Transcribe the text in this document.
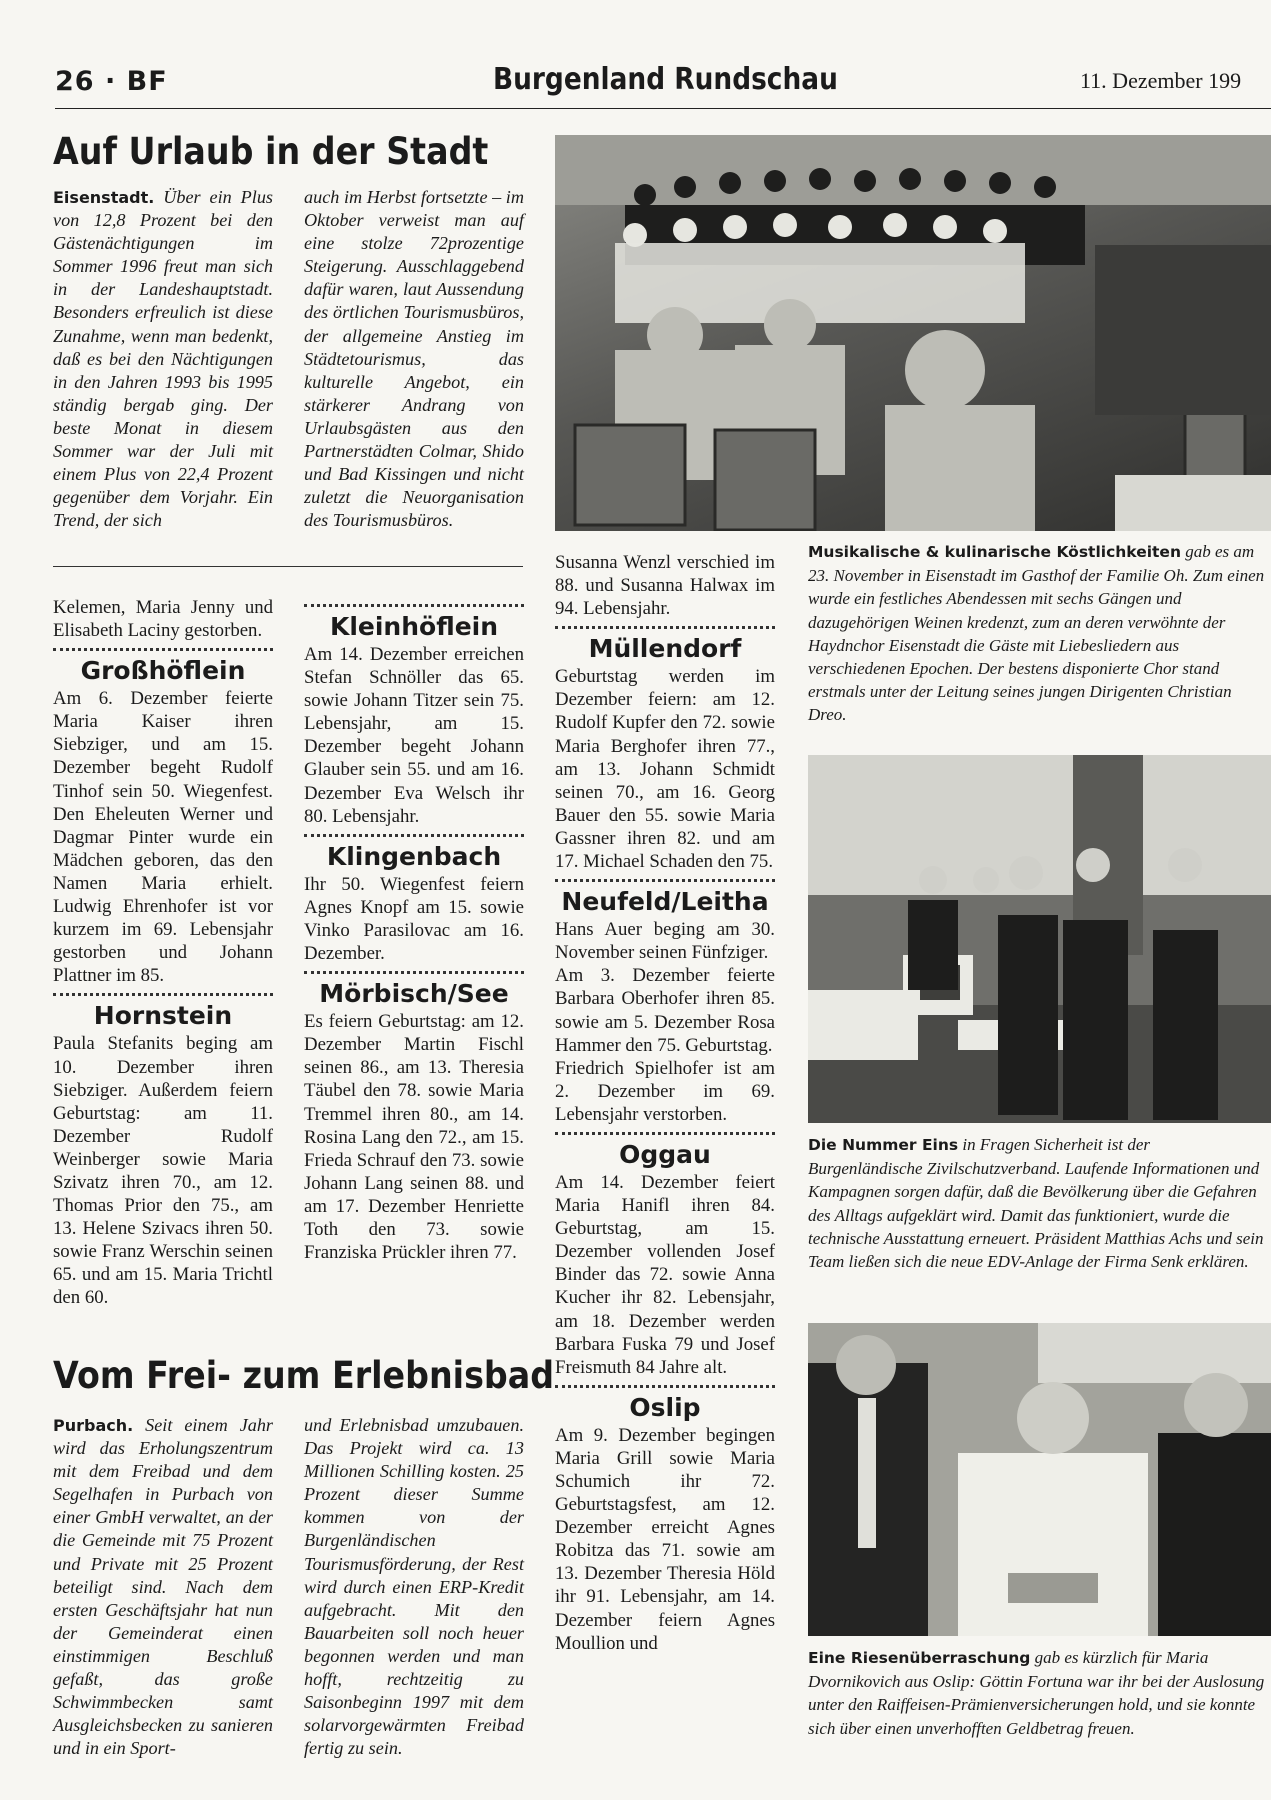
26 · BF	Burgenland Rundschau	11. Dezember 199
Auf Urlaub in der Stadt
Eisenstadt. Über ein Plus von 12,8 Prozent bei den Gästenächtigungen im Sommer 1996 freut man sich in der Landeshauptstadt. Besonders erfreulich ist diese Zunahme, wenn man bedenkt, daß es bei den Nächtigungen in den Jahren 1993 bis 1995 ständig bergab ging. Der beste Monat in diesem Sommer war der Juli mit einem Plus von 22,4 Prozent gegenüber dem Vorjahr. Ein Trend, der sich
auch im Herbst fortsetzte – im Oktober verweist man auf eine stolze 72prozentige Steigerung. Ausschlaggebend dafür waren, laut Aussendung des örtlichen Tourismusbüros, der allgemeine Anstieg im Städtetourismus, das kulturelle Angebot, ein stärkerer Andrang von Urlaubsgästen aus den Partnerstädten Colmar, Shido und Bad Kissingen und nicht zuletzt die Neuorganisation des Tourismusbüros.

Kelemen, Maria Jenny und Elisabeth Laciny gestorben.

Großhöflein

Am 6. Dezember feierte Maria Kaiser ihren Siebziger, und am 15. Dezember begeht Rudolf Tinhof sein 50. Wiegenfest. Den Eheleuten Werner und Dagmar Pinter wurde ein Mädchen geboren, das den Namen Maria erhielt. Ludwig Ehrenhofer ist vor kurzem im 69. Lebensjahr gestorben und Johann Plattner im 85.

Hornstein

Paula Stefanits beging am 10. Dezember ihren Siebziger. Außerdem feiern Geburtstag: am 11. Dezember Rudolf Weinberger sowie Maria Szivatz ihren 70., am 12. Thomas Prior den 75., am 13. Helene Szivacs ihren 50. sowie Franz Werschin seinen 65. und am 15. Maria Trichtl den 60.

Kleinhöflein

Am 14. Dezember erreichen Stefan Schnöller das 65. sowie Johann Titzer sein 75. Lebensjahr, am 15. Dezember begeht Johann Glauber sein 55. und am 16. Dezember Eva Welsch ihr 80. Lebensjahr.

Klingenbach

Ihr 50. Wiegenfest feiern Agnes Knopf am 15. sowie Vinko Parasilovac am 16. Dezember.

Mörbisch/See

Es feiern Geburtstag: am 12. Dezember Martin Fischl seinen 86., am 13. Theresia Täubel den 78. sowie Maria Tremmel ihren 80., am 14. Rosina Lang den 72., am 15. Frieda Schrauf den 73. sowie Johann Lang seinen 88. und am 17. Dezember Henriette Toth den 73. sowie Franziska Prückler ihren 77.

Vom Frei- zum Erlebnisbad
Purbach. Seit einem Jahr wird das Erholungszentrum mit dem Freibad und dem Segelhafen in Purbach von einer GmbH verwaltet, an der die Gemeinde mit 75 Prozent und Private mit 25 Prozent beteiligt sind. Nach dem ersten Geschäftsjahr hat nun der Gemeinderat einen einstimmigen Beschluß gefaßt, das große Schwimmbecken samt Ausgleichsbecken zu sanieren und in ein Sport-
und Erlebnisbad umzubauen. Das Projekt wird ca. 13 Millionen Schilling kosten. 25 Prozent dieser Summe kommen von der Burgenländischen Tourismusförderung, der Rest wird durch einen ERP-Kredit aufgebracht. Mit den Bauarbeiten soll noch heuer begonnen werden und man hofft, rechtzeitig zu Saisonbeginn 1997 mit dem solarvorgewärmten Freibad fertig zu sein.

Susanna Wenzl verschied im 88. und Susanna Halwax im 94. Lebensjahr.

Müllendorf

Geburtstag werden im Dezember feiern: am 12. Rudolf Kupfer den 72. sowie Maria Berghofer ihren 77., am 13. Johann Schmidt seinen 70., am 16. Georg Bauer den 55. sowie Maria Gassner ihren 82. und am 17. Michael Schaden den 75.

Neufeld/Leitha

Hans Auer beging am 30. November seinen Fünfziger.

Am 3. Dezember feierte Barbara Oberhofer ihren 85. sowie am 5. Dezember Rosa Hammer den 75. Geburtstag.

Friedrich Spielhofer ist am 2. Dezember im 69. Lebensjahr verstorben.

Oggau

Am 14. Dezember feiert Maria Hanifl ihren 84. Geburtstag, am 15. Dezember vollenden Josef Binder das 72. sowie Anna Kucher ihr 82. Lebensjahr, am 18. Dezember werden Barbara Fuska 79 und Josef Freismuth 84 Jahre alt.

Oslip

Am 9. Dezember begingen Maria Grill sowie Maria Schumich ihr 72. Geburtstagsfest, am 12. Dezember erreicht Agnes Robitza das 71. sowie am 13. Dezember Theresia Höld ihr 91. Lebensjahr, am 14. Dezember feiern Agnes Moullion und

Musikalische & kulinarische Köstlichkeiten gab es am 23. November in Eisenstadt im Gasthof der Familie Oh. Zum einen wurde ein festliches Abendessen mit sechs Gängen und dazugehörigen Weinen kredenzt, zum an deren verwöhnte der Haydnchor Eisenstadt die Gäste mit Liebesliedern aus verschiedenen Epochen. Der bestens disponierte Chor stand erstmals unter der Leitung seines jungen Dirigenten Christian Dreo.
Die Nummer Eins in Fragen Sicherheit ist der Burgenländische Zivilschutzverband. Laufende Informationen und Kampagnen sorgen dafür, daß die Bevölkerung über die Gefahren des Alltags aufgeklärt wird. Damit das funktioniert, wurde die technische Ausstattung erneuert. Präsident Matthias Achs und sein Team ließen sich die neue EDV-Anlage der Firma Senk erklären.
Eine Riesenüberraschung gab es kürzlich für Maria Dvornikovich aus Oslip: Göttin Fortuna war ihr bei der Auslosung unter den Raiffeisen-Prämienversicherungen hold, und sie konnte sich über einen unverhofften Geldbetrag freuen.
